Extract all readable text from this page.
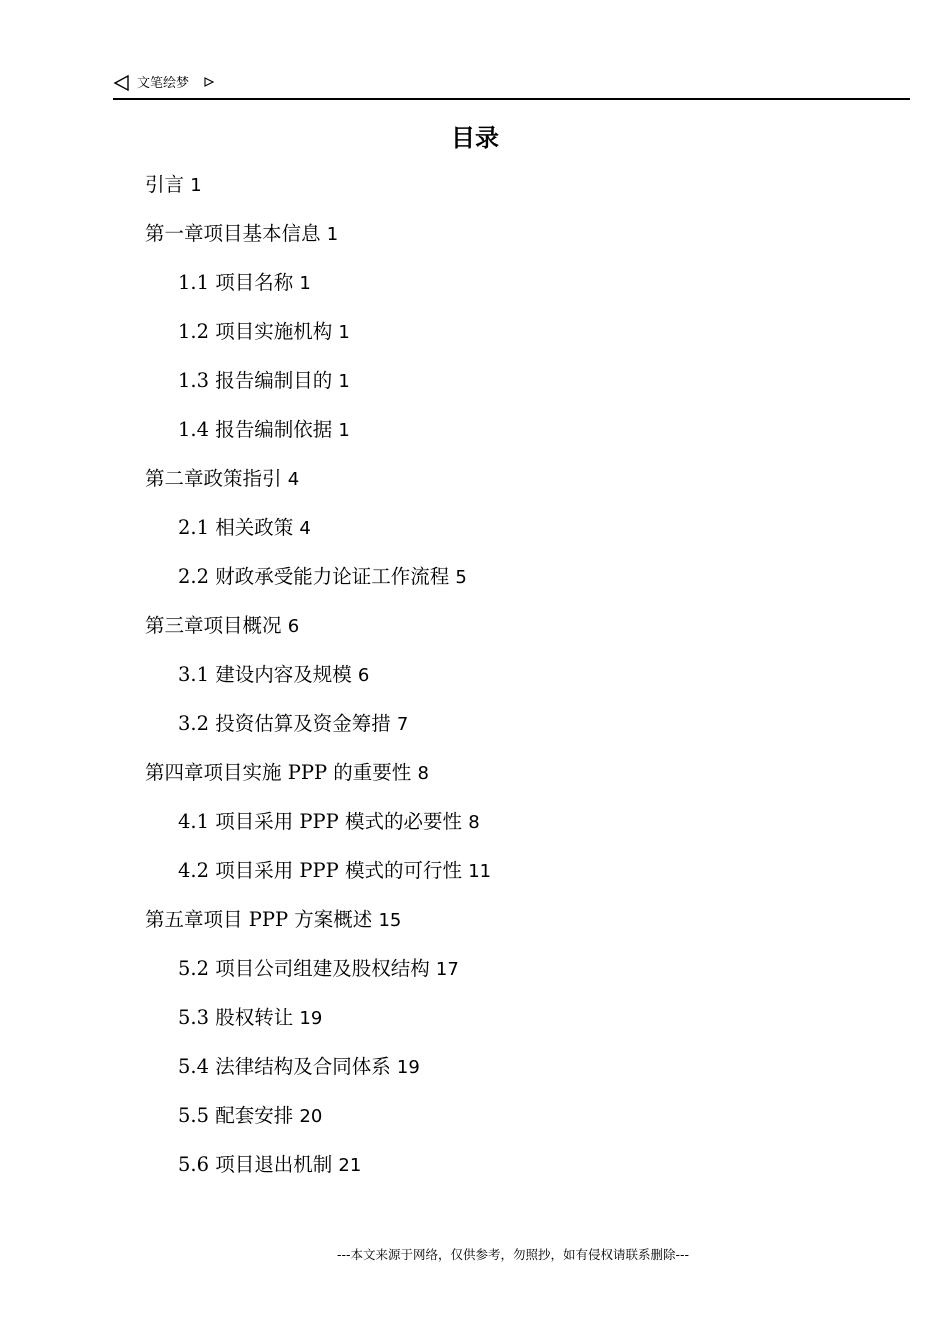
文笔绘梦
目录
引言 1
第一章项目基本信息 1
1.1 项目名称 1
1.2 项目实施机构 1
1.3 报告编制目的 1
1.4 报告编制依据 1
第二章政策指引 4
2.1 相关政策 4
2.2 财政承受能力论证工作流程 5
第三章项目概况 6
3.1 建设内容及规模 6
3.2 投资估算及资金筹措 7
第四章项目实施 PPP 的重要性 8
4.1 项目采用 PPP 模式的必要性 8
4.2 项目采用 PPP 模式的可行性 11
第五章项目 PPP 方案概述 15
5.2 项目公司组建及股权结构 17
5.3 股权转让 19
5.4 法律结构及合同体系 19
5.5 配套安排 20
5.6 项目退出机制 21
---本文来源于网络，仅供参考，勿照抄，如有侵权请联系删除---
